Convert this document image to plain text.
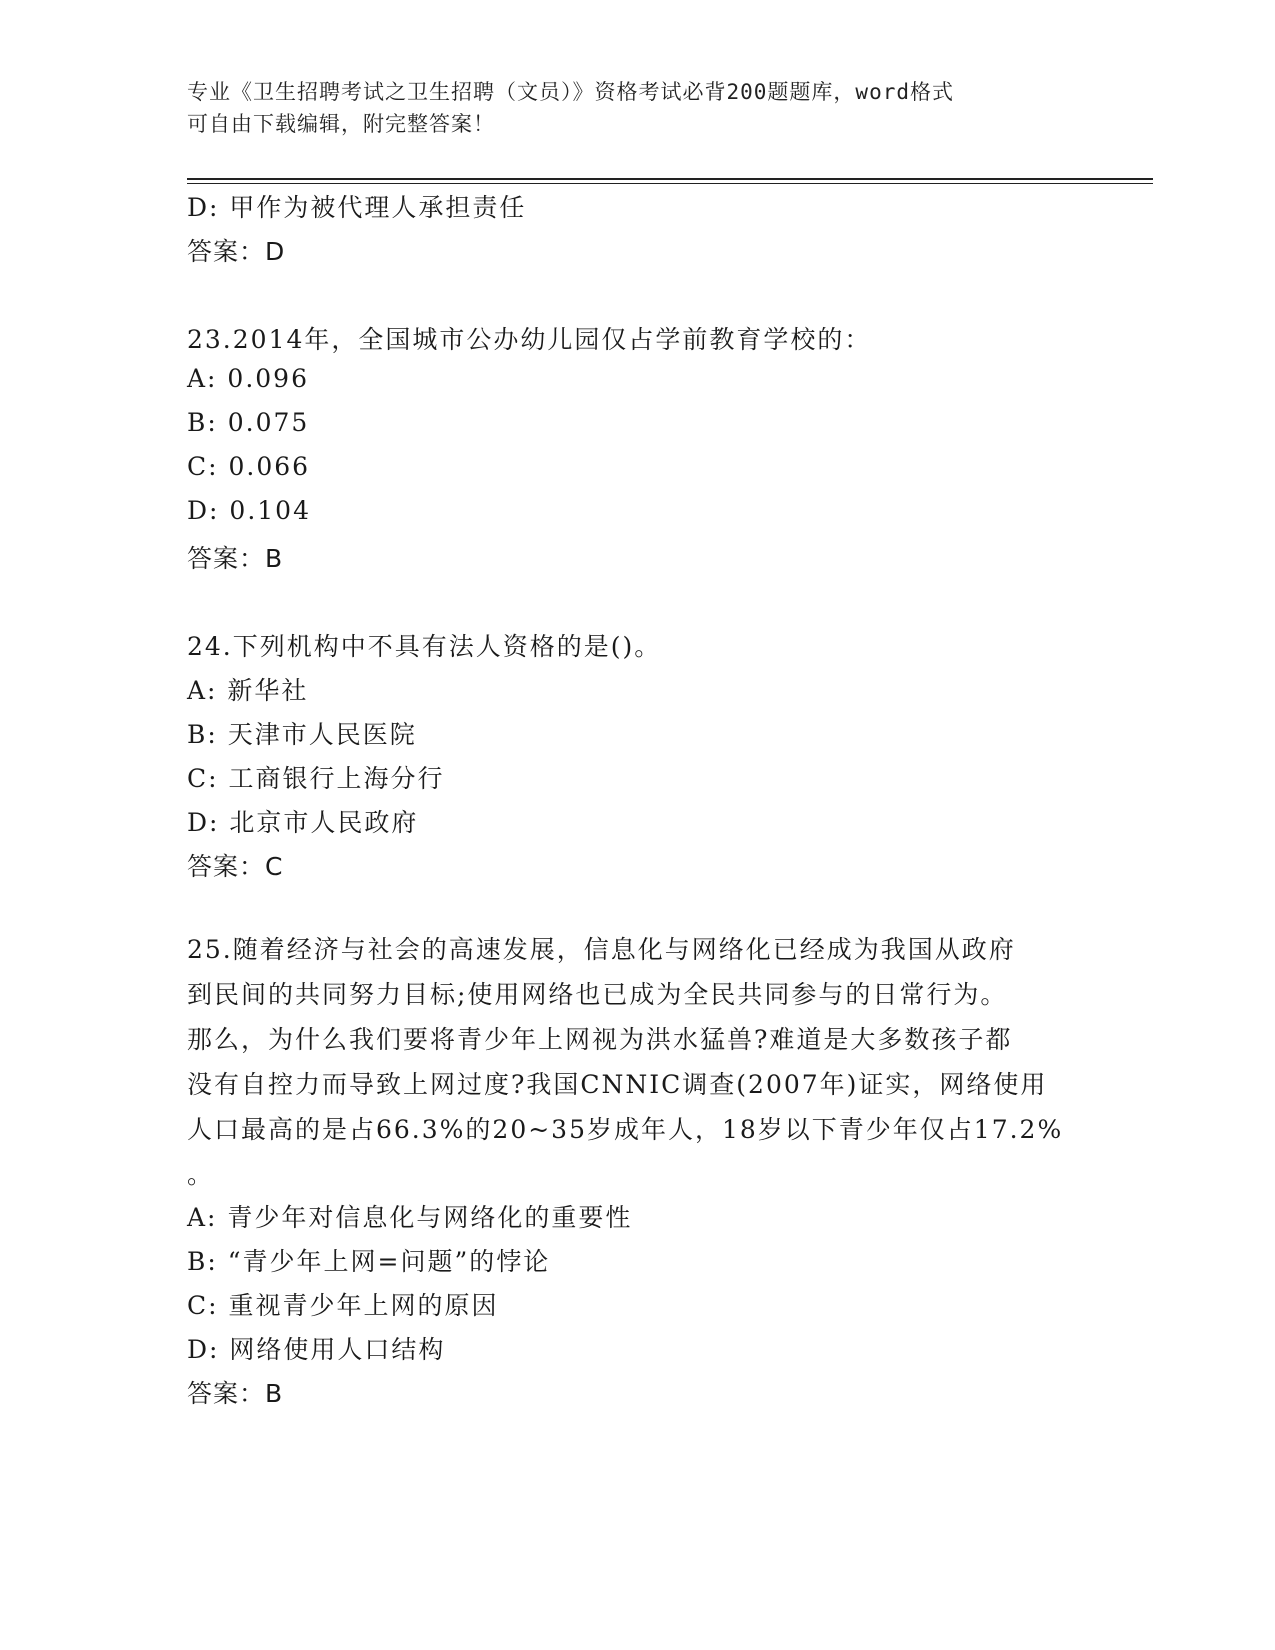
专业《卫生招聘考试之卫生招聘（文员）》资格考试必背200题题库，word格式
可自由下载编辑，附完整答案！
D: 甲作为被代理人承担责任
答案：D
23.2014年，全国城市公办幼儿园仅占学前教育学校的：
A: 0.096
B: 0.075
C: 0.066
D: 0.104
答案：B
24.下列机构中不具有法人资格的是()。
A: 新华社
B: 天津市人民医院
C: 工商银行上海分行
D: 北京市人民政府
答案：C
25.随着经济与社会的高速发展，信息化与网络化已经成为我国从政府
到民间的共同努力目标;使用网络也已成为全民共同参与的日常行为。
那么，为什么我们要将青少年上网视为洪水猛兽?难道是大多数孩子都
没有自控力而导致上网过度?我国CNNIC调查(2007年)证实，网络使用
人口最高的是占66.3%的20~35岁成年人，18岁以下青少年仅占17.2%
。
A: 青少年对信息化与网络化的重要性
B: “青少年上网=问题”的悖论
C: 重视青少年上网的原因
D: 网络使用人口结构
答案：B
